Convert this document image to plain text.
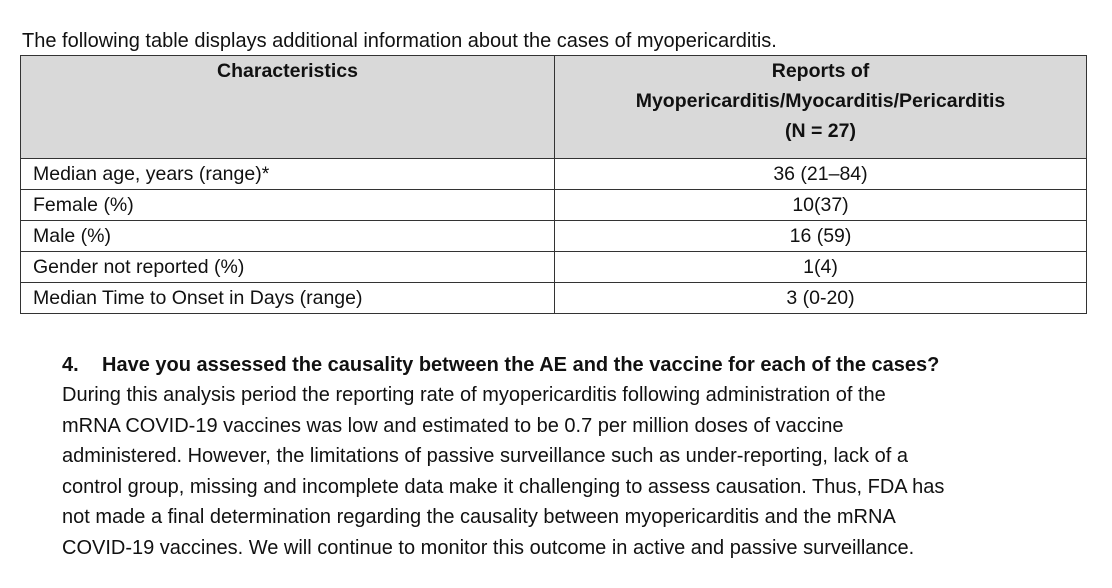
The following table displays additional information about the cases of myopericarditis.
Characteristics	Reports of
Myopericarditis/Myocarditis/Pericarditis
(N = 27)

Median age, years (range)*	36 (21–84)
Female (%)	10(37)
Male (%)	16 (59)
Gender not reported (%)	1(4)
Median Time to Onset in Days (range)	3 (0-20)
4. Have you assessed the causality between the AE and the vaccine for each of the cases?
During this analysis period the reporting rate of myopericarditis following administration of the
mRNA COVID-19 vaccines was low and estimated to be 0.7 per million doses of vaccine
administered. However, the limitations of passive surveillance such as under-reporting, lack of a
control group, missing and incomplete data make it challenging to assess causation. Thus, FDA has
not made a final determination regarding the causality between myopericarditis and the mRNA
COVID-19 vaccines. We will continue to monitor this outcome in active and passive surveillance.
